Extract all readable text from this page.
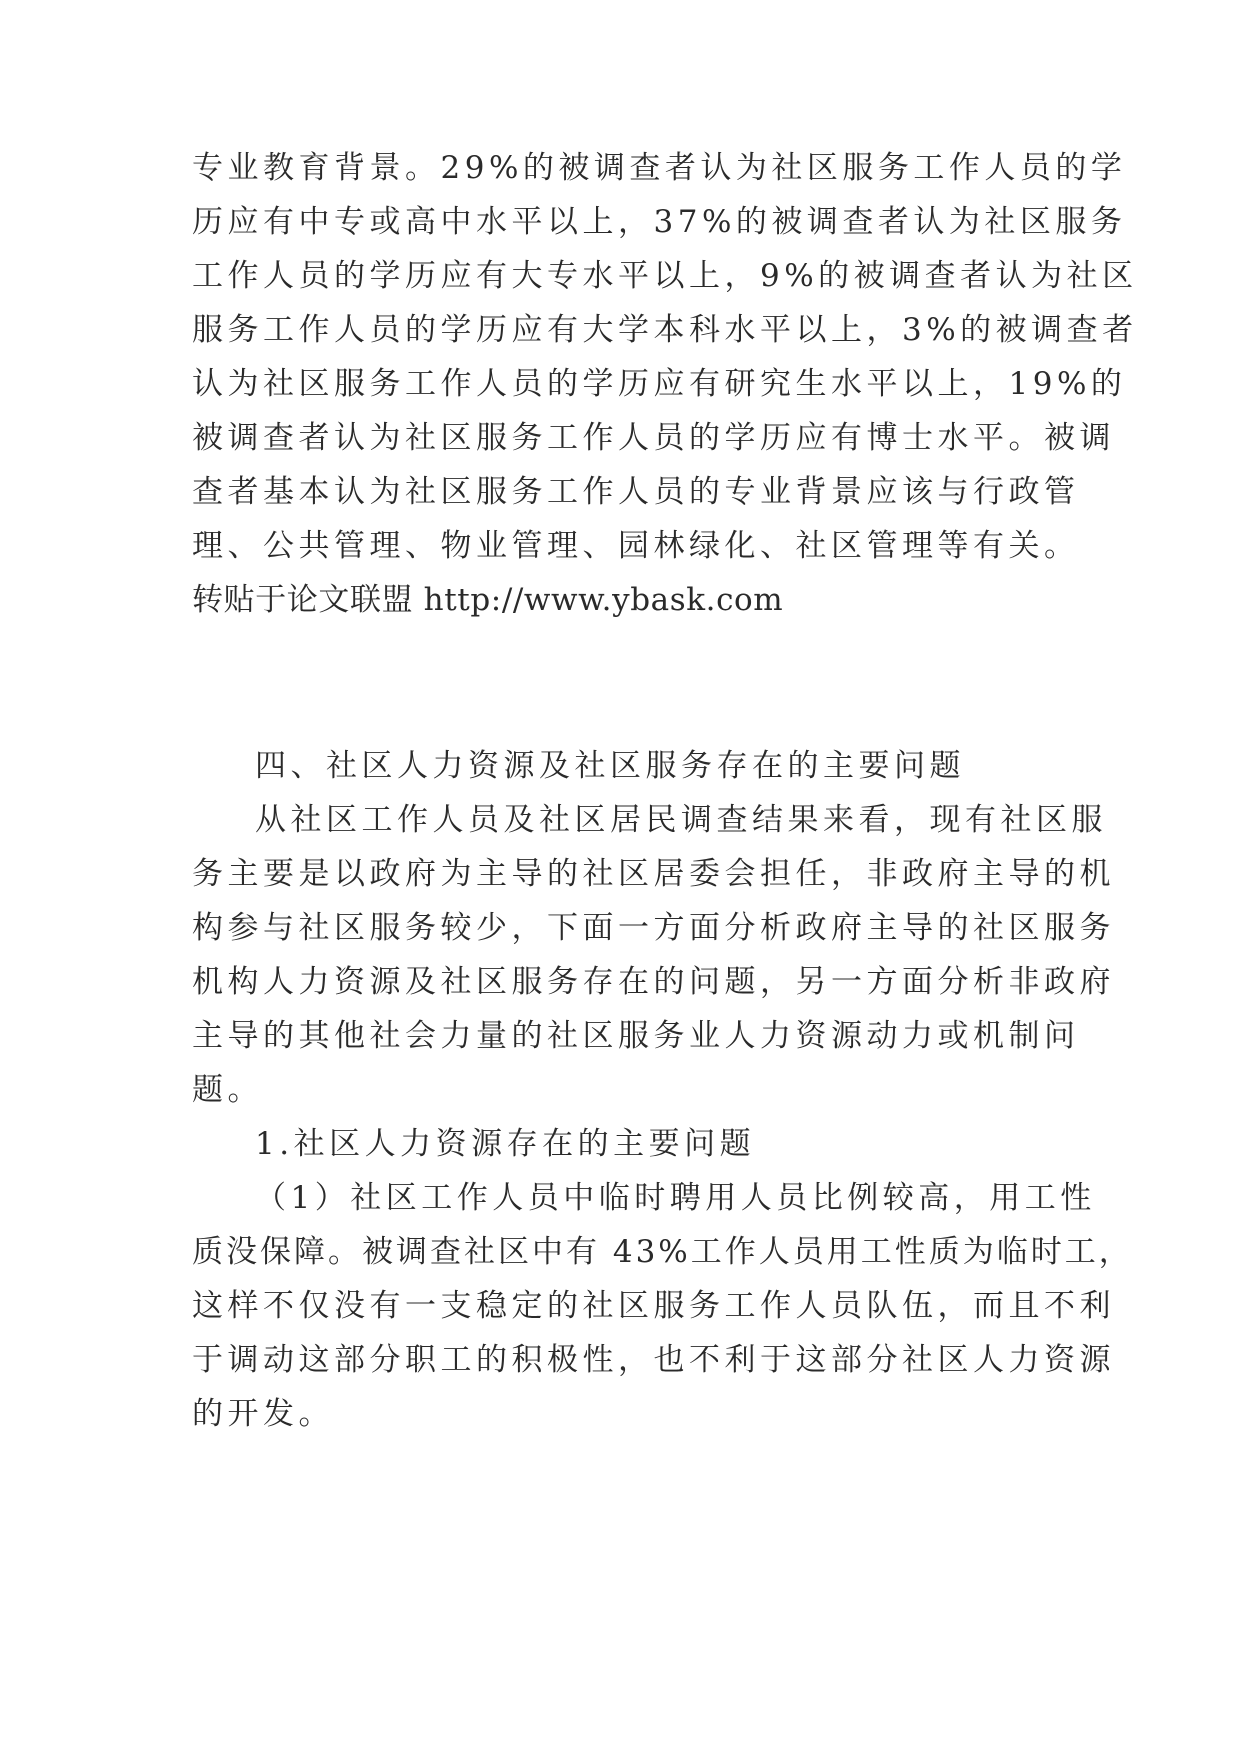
专业教育背景。29%的被调查者认为社区服务工作人员的学
历应有中专或高中水平以上，37%的被调查者认为社区服务
工作人员的学历应有大专水平以上，9%的被调查者认为社区
服务工作人员的学历应有大学本科水平以上，3%的被调查者
认为社区服务工作人员的学历应有研究生水平以上，19%的
被调查者认为社区服务工作人员的学历应有博士水平。被调
查者基本认为社区服务工作人员的专业背景应该与行政管
理、公共管理、物业管理、园林绿化、社区管理等有关。
转贴于论文联盟 http://www.ybask.com
四、社区人力资源及社区服务存在的主要问题
从社区工作人员及社区居民调查结果来看，现有社区服
务主要是以政府为主导的社区居委会担任，非政府主导的机
构参与社区服务较少，下面一方面分析政府主导的社区服务
机构人力资源及社区服务存在的问题，另一方面分析非政府
主导的其他社会力量的社区服务业人力资源动力或机制问
题。
1.社区人力资源存在的主要问题
（1）社区工作人员中临时聘用人员比例较高，用工性
质没保障。被调查社区中有 43%工作人员用工性质为临时工，
这样不仅没有一支稳定的社区服务工作人员队伍，而且不利
于调动这部分职工的积极性，也不利于这部分社区人力资源
的开发。
